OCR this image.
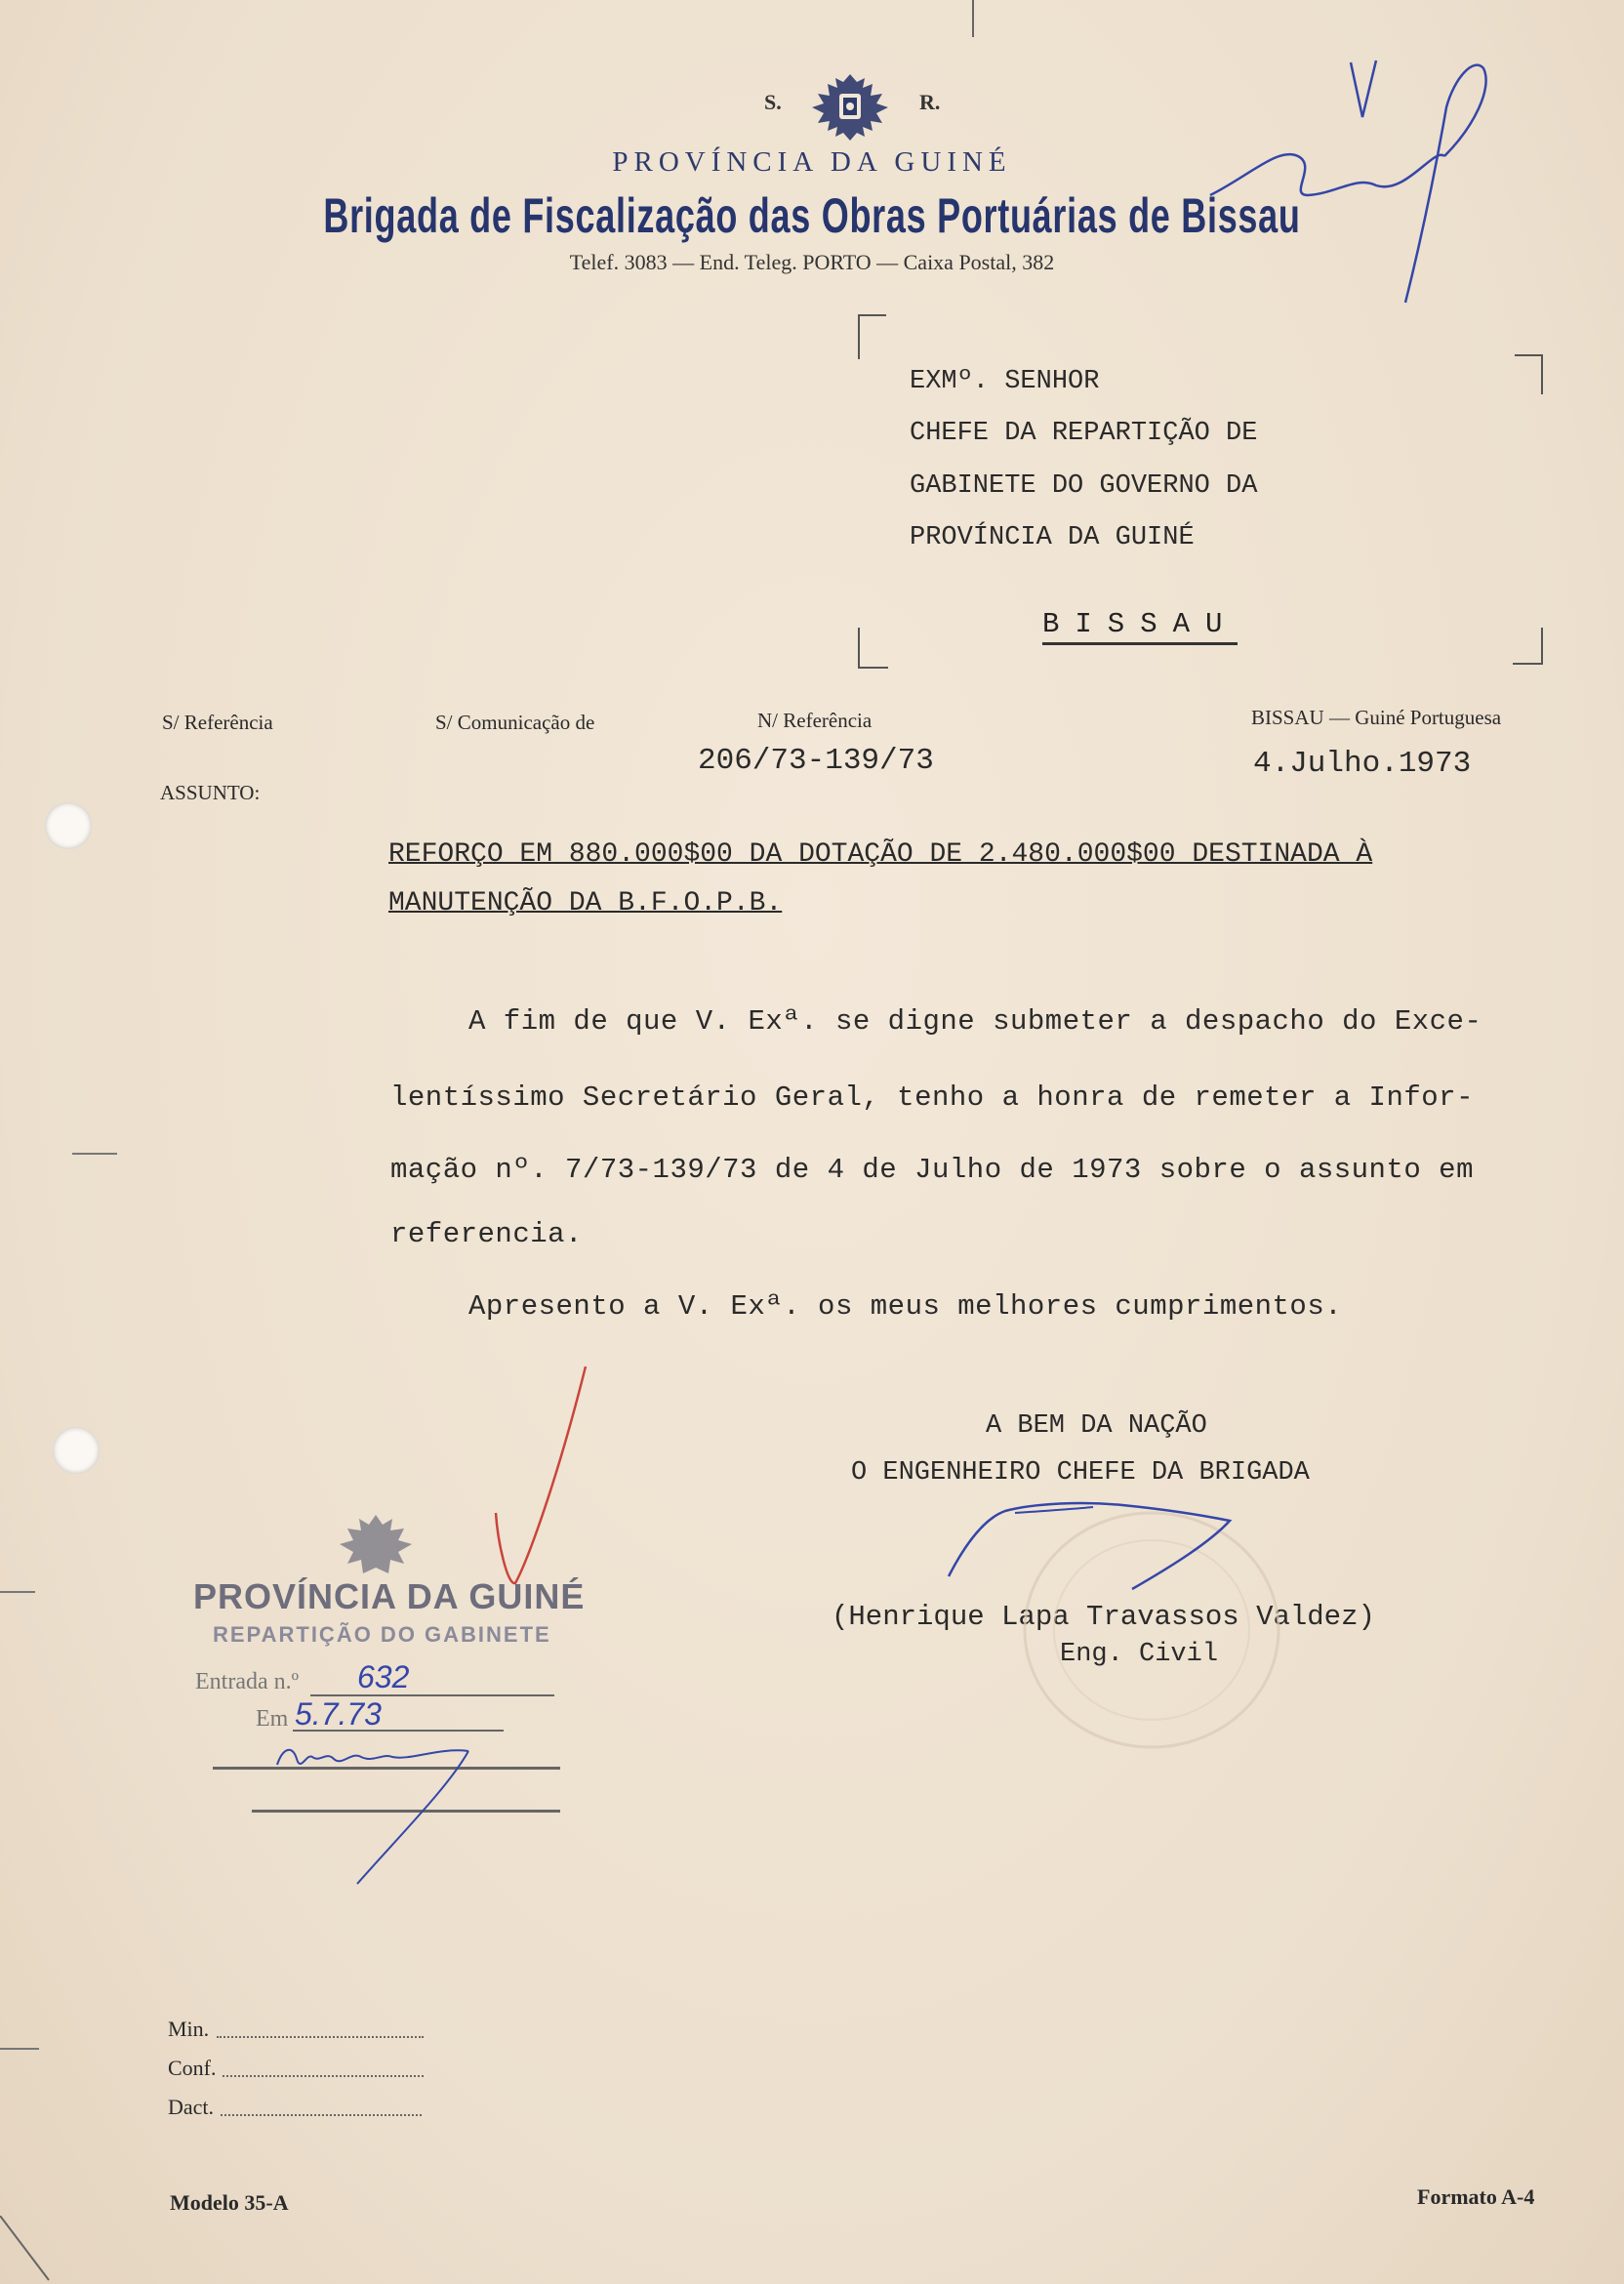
S.	R.
PROVÍNCIA DA GUINÉ
Brigada de Fiscalização das Obras Portuárias de Bissau
Telef. 3083 — End. Teleg. PORTO — Caixa Postal, 382
EXMº. SENHOR
CHEFE DA REPARTIÇÃO DE
GABINETE DO GOVERNO DA
PROVÍNCIA DA GUINÉ
BISSAU
S/ Referência	S/ Comunicação de	N/ Referência
206/73-139/73
BISSAU — Guiné Portuguesa
4.Julho.1973
ASSUNTO:
REFORÇO EM 880.000$00 DA DOTAÇÃO DE 2.480.000$00 DESTINADA À
MANUTENÇÃO DA B.F.O.P.B.
A fim de que V. Exª. se digne submeter a despacho do Exce-
lentíssimo Secretário Geral, tenho a honra de remeter a Infor-
mação nº. 7/73-139/73 de 4 de Julho de 1973 sobre o assunto em
referencia.
Apresento a V. Exª. os meus melhores cumprimentos.
A BEM DA NAÇÃO
O ENGENHEIRO CHEFE DA BRIGADA
(Henrique Lapa Travassos Valdez)
Eng. Civil
PROVÍNCIA DA GUINÉ
REPARTIÇÃO DO GABINETE
Entrada n.º 632
Em 5.7.73
Min.
Conf.
Dact.
Modelo 35-A	Formato A-4
